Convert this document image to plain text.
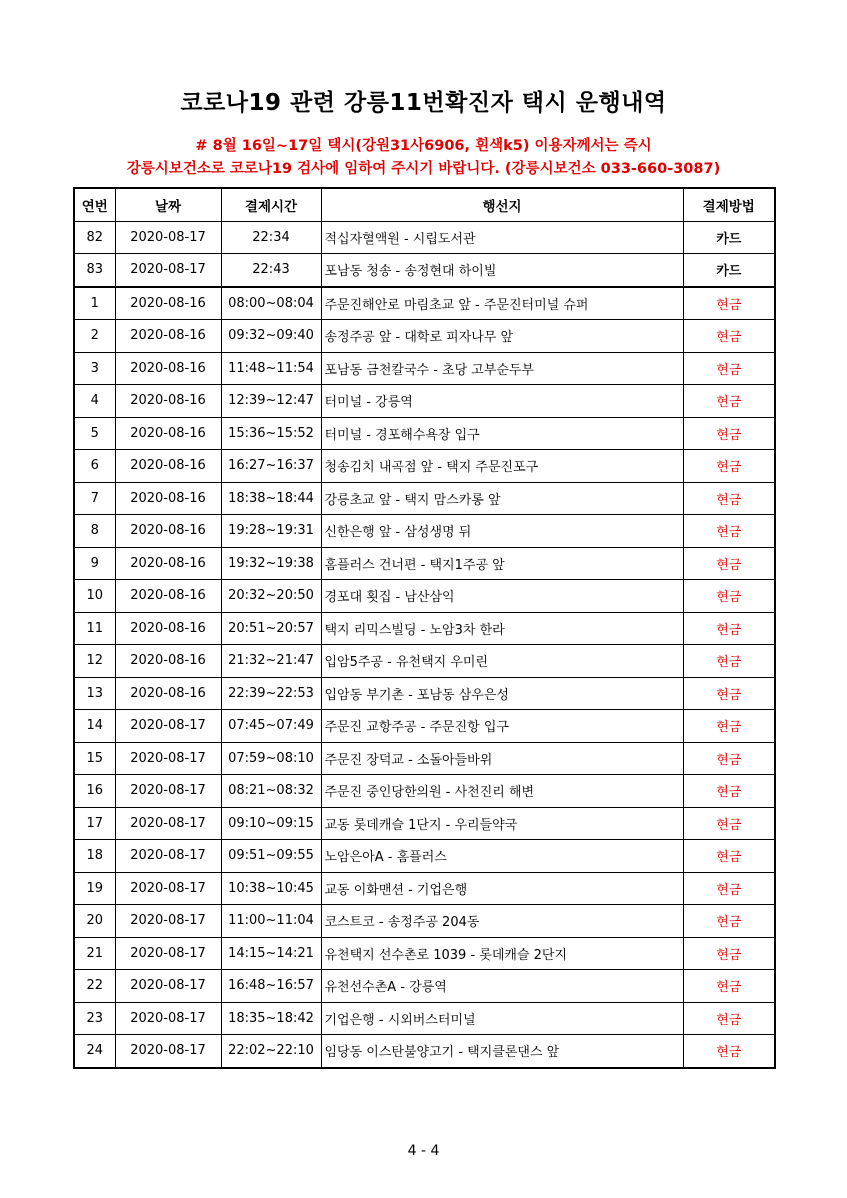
코로나19 관련 강릉11번확진자 택시 운행내역
# 8월 16일~17일 택시(강원31사6906, 흰색k5) 이용자께서는 즉시
강릉시보건소로 코로나19 검사에 임하여 주시기 바랍니다. (강릉시보건소 033-660-3087)
연번	날짜	결제시간	행선지	결제방법
82	2020-08-17	22:34	적십자혈액원 - 시립도서관	카드
83	2020-08-17	22:43	포남동 청송 - 송정현대 하이빌	카드
1	2020-08-16	08:00~08:04	주문진해안로 마림초교 앞 - 주문진터미널 슈퍼	현금
2	2020-08-16	09:32~09:40	송정주공 앞 - 대학로 피자나무 앞	현금
3	2020-08-16	11:48~11:54	포남동 금천칼국수 - 초당 고부순두부	현금
4	2020-08-16	12:39~12:47	터미널 - 강릉역	현금
5	2020-08-16	15:36~15:52	터미널 - 경포해수욕장 입구	현금
6	2020-08-16	16:27~16:37	청송김치 내곡점 앞 - 택지 주문진포구	현금
7	2020-08-16	18:38~18:44	강릉초교 앞 - 택지 맘스카롱 앞	현금
8	2020-08-16	19:28~19:31	신한은행 앞 - 삼성생명 뒤	현금
9	2020-08-16	19:32~19:38	홈플러스 건너편 - 택지1주공 앞	현금
10	2020-08-16	20:32~20:50	경포대 횟집 - 남산삼익	현금
11	2020-08-16	20:51~20:57	택지 리믹스빌딩 - 노암3차 한라	현금
12	2020-08-16	21:32~21:47	입암5주공 - 유천택지 우미린	현금
13	2020-08-16	22:39~22:53	입암동 부기촌 - 포남동 삼우은성	현금
14	2020-08-17	07:45~07:49	주문진 교항주공 - 주문진항 입구	현금
15	2020-08-17	07:59~08:10	주문진 장덕교 - 소돌아들바위	현금
16	2020-08-17	08:21~08:32	주문진 중인당한의원 - 사천진리 해변	현금
17	2020-08-17	09:10~09:15	교동 롯데캐슬 1단지 - 우리들약국	현금
18	2020-08-17	09:51~09:55	노암은아A - 홈플러스	현금
19	2020-08-17	10:38~10:45	교동 이화맨션 - 기업은행	현금
20	2020-08-17	11:00~11:04	코스트코 - 송정주공 204동	현금
21	2020-08-17	14:15~14:21	유천택지 선수촌로 1039 - 롯데캐슬 2단지	현금
22	2020-08-17	16:48~16:57	유천선수촌A - 강릉역	현금
23	2020-08-17	18:35~18:42	기업은행 - 시외버스터미널	현금
24	2020-08-17	22:02~22:10	임당동 이스탄불양고기 - 택지클론댄스 앞	현금
4 - 4
